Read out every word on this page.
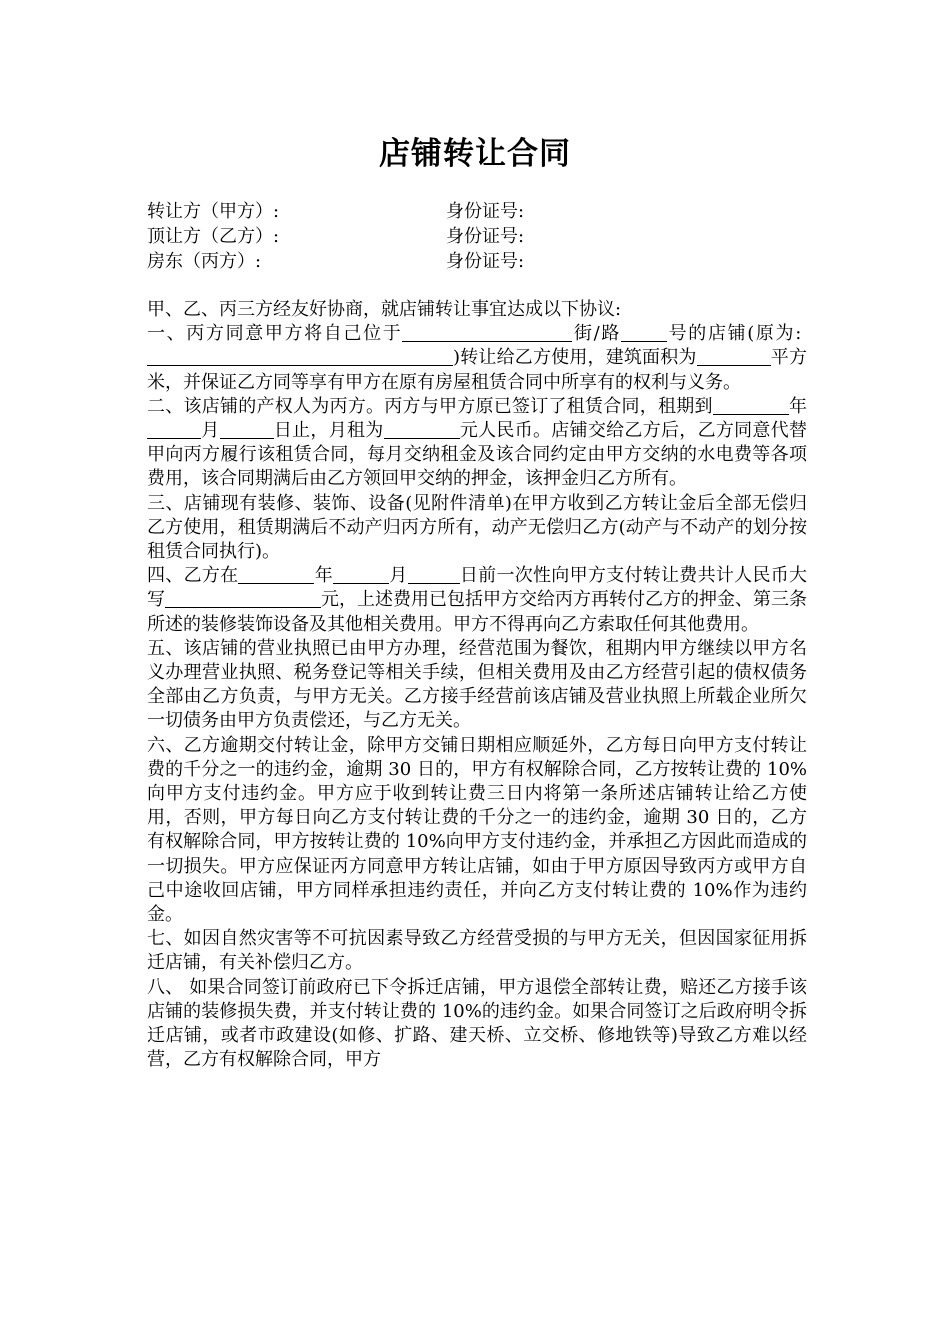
店铺转让合同
转让方（甲方）:	身份证号:
顶让方（乙方）:	身份证号:
房东（丙方）:	身份证号:

甲、乙、丙三方经友好协商，就店铺转让事宜达成以下协议:

一、丙方同意甲方将自己位于	街/路	号的店铺(原为: )转让给乙方使用，建筑面积为	平方米，并保证乙方同等享有甲方在原有房屋租赁合同中所享有的权利与义务。

二、该店铺的产权人为丙方。丙方与甲方原已签订了租赁合同，租期到	年月	日止，月租为	元人民币。店铺交给乙方后，乙方同意代替甲向丙方履行该租赁合同，每月交纳租金及该合同约定由甲方交纳的水电费等各项费用，该合同期满后由乙方领回甲交纳的押金，该押金归乙方所有。

三、店铺现有装修、装饰、设备(见附件清单)在甲方收到乙方转让金后全部无偿归乙方使用，租赁期满后不动产归丙方所有，动产无偿归乙方(动产与不动产的划分按租赁合同执行)。

四、乙方在	年	月	日前一次性向甲方支付转让费共计人民币大写	元，上述费用已包括甲方交给丙方再转付乙方的押金、第三条所述的装修装饰设备及其他相关费用。甲方不得再向乙方索取任何其他费用。

五、该店铺的营业执照已由甲方办理，经营范围为餐饮，租期内甲方继续以甲方名义办理营业执照、税务登记等相关手续，但相关费用及由乙方经营引起的债权债务全部由乙方负责，与甲方无关。乙方接手经营前该店铺及营业执照上所载企业所欠一切债务由甲方负责偿还，与乙方无关。

六、乙方逾期交付转让金，除甲方交铺日期相应顺延外，乙方每日向甲方支付转让费的千分之一的违约金，逾期 30 日的，甲方有权解除合同，乙方按转让费的 10%向甲方支付违约金。甲方应于收到转让费三日内将第一条所述店铺转让给乙方使用，否则，甲方每日向乙方支付转让费的千分之一的违约金，逾期 30 日的，乙方有权解除合同，甲方按转让费的 10%向甲方支付违约金，并承担乙方因此而造成的一切损失。甲方应保证丙方同意甲方转让店铺，如由于甲方原因导致丙方或甲方自己中途收回店铺，甲方同样承担违约责任，并向乙方支付转让费的 10%作为违约金。

七、如因自然灾害等不可抗因素导致乙方经营受损的与甲方无关，但因国家征用拆迁店铺，有关补偿归乙方。

八、 如果合同签订前政府已下令拆迁店铺，甲方退偿全部转让费，赔还乙方接手该店铺的装修损失费，并支付转让费的 10%的违约金。如果合同签订之后政府明令拆迁店铺，或者市政建设(如修、扩路、建天桥、立交桥、修地铁等)导致乙方难以经营，乙方有权解除合同，甲方
